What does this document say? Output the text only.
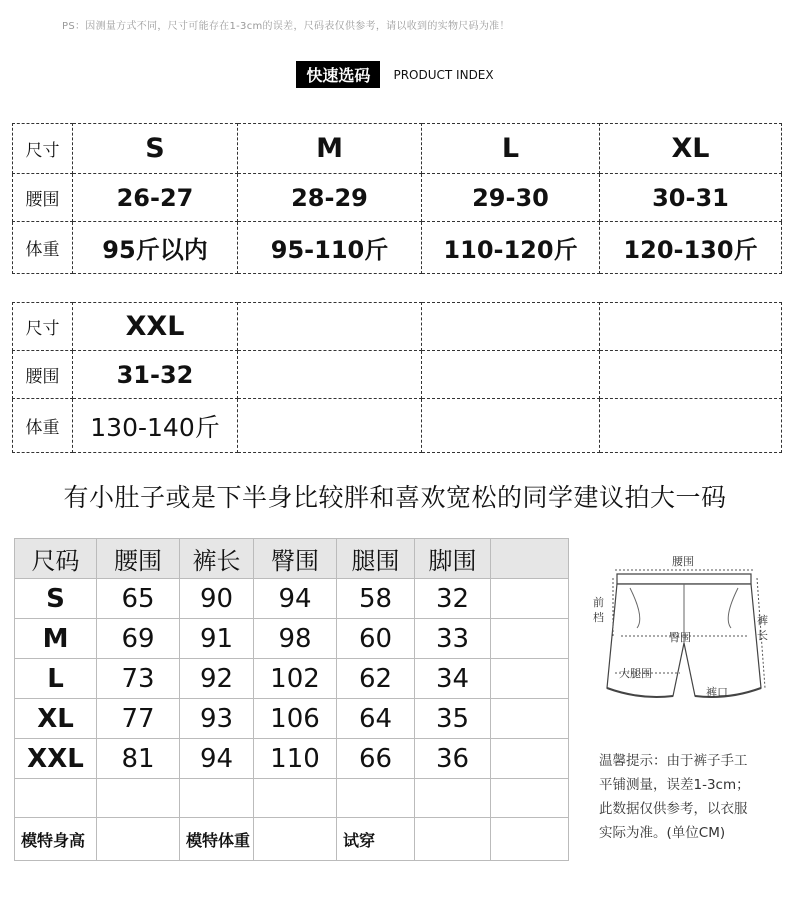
PS：因测量方式不同，尺寸可能存在1-3cm的误差，尺码表仅供参考，请以收到的实物尺码为准！
快速选码 PRODUCT INDEX
尺寸	S	M	L	XL
腰围	26-27	28-29	29-30	30-31
体重	95斤以内	95-110斤	110-120斤	120-130斤
尺寸	XXL			
腰围	31-32			
体重	130-140斤			
有小肚子或是下半身比较胖和喜欢宽松的同学建议拍大一码
尺码	腰围	裤长	臀围	腿围	脚围	
S	65	90	94	58	32	
M	69	91	98	60	33	
L	73	92	102	62	34	
XL	77	93	106	64	35	
XXL	81	94	110	66	36	

模特身高		模特体重		试穿		
腰围
前
档	裤
长
臀围
大腿围
裤口
温馨提示：由于裤子手工
平铺测量，误差1-3cm；
此数据仅供参考，以衣服
实际为准。(单位CM)
